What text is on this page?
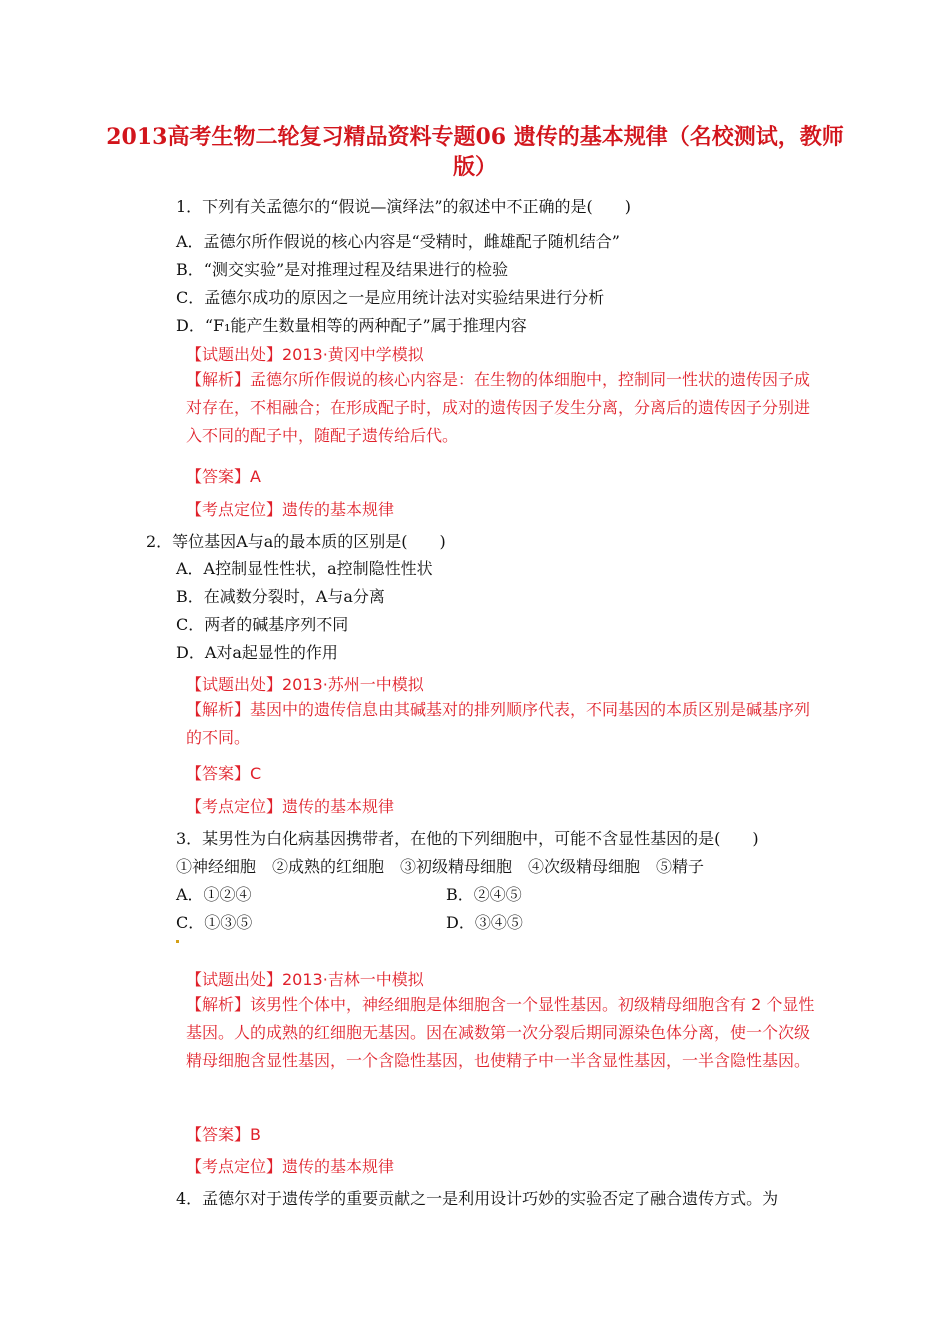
2013高考生物二轮复习精品资料专题06 遗传的基本规律（名校测试，教师版）
1．下列有关孟德尔的“假说—演绎法”的叙述中不正确的是(　　)
A．孟德尔所作假说的核心内容是“受精时，雌雄配子随机结合”
B．“测交实验”是对推理过程及结果进行的检验
C．孟德尔成功的原因之一是应用统计法对实验结果进行分析
D．“F₁能产生数量相等的两种配子”属于推理内容
【试题出处】2013·黄冈中学模拟
【解析】孟德尔所作假说的核心内容是：在生物的体细胞中，控制同一性状的遗传因子成对存在，不相融合；在形成配子时，成对的遗传因子发生分离，分离后的遗传因子分别进入不同的配子中，随配子遗传给后代。
【答案】A
【考点定位】遗传的基本规律
2．等位基因A与a的最本质的区别是(　　)
A．A控制显性性状，a控制隐性性状
B．在减数分裂时，A与a分离
C．两者的碱基序列不同
D．A对a起显性的作用
【试题出处】2013·苏州一中模拟
【解析】基因中的遗传信息由其碱基对的排列顺序代表，不同基因的本质区别是碱基序列的不同。
【答案】C
【考点定位】遗传的基本规律
3．某男性为白化病基因携带者，在他的下列细胞中，可能不含显性基因的是(　　)
①神经细胞　②成熟的红细胞　③初级精母细胞　④次级精母细胞　⑤精子
A．①②④	B．②④⑤
C．①③⑤	D．③④⑤
【试题出处】2013·吉林一中模拟
【解析】该男性个体中，神经细胞是体细胞含一个显性基因。初级精母细胞含有 2 个显性基因。人的成熟的红细胞无基因。因在减数第一次分裂后期同源染色体分离，使一个次级精母细胞含显性基因，一个含隐性基因，也使精子中一半含显性基因，一半含隐性基因。
【答案】B
【考点定位】遗传的基本规律
4．孟德尔对于遗传学的重要贡献之一是利用设计巧妙的实验否定了融合遗传方式。为
